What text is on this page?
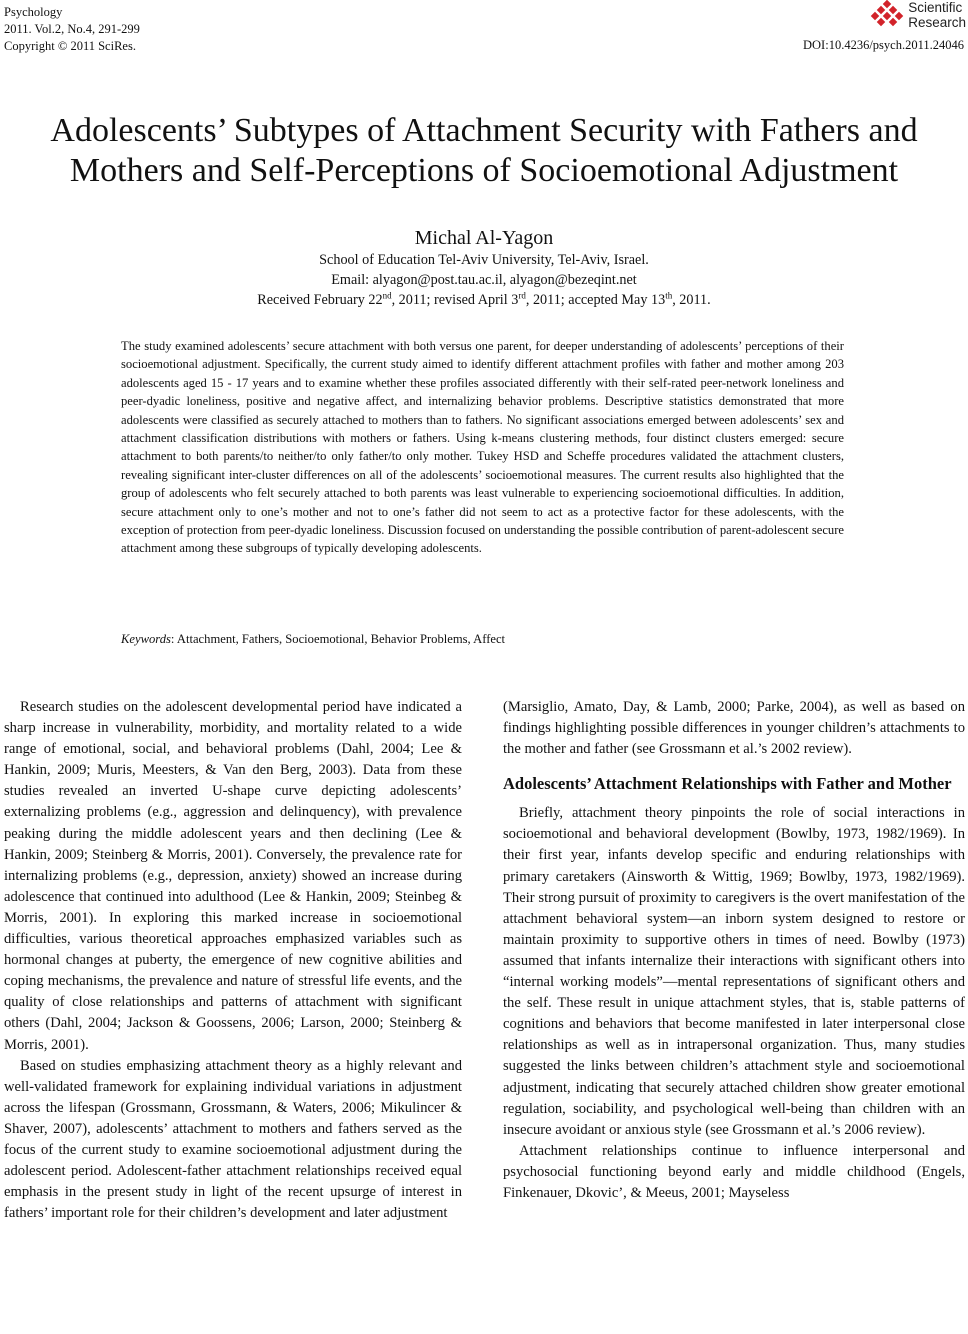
Psychology
2011. Vol.2, No.4, 291-299
Copyright © 2011 SciRes.
Scientific
Research
DOI:10.4236/psych.2011.24046
Adolescents’ Subtypes of Attachment Security with Fathers and
Mothers and Self-Perceptions of Socioemotional Adjustment
Michal Al-Yagon
School of Education Tel-Aviv University, Tel-Aviv, Israel.
Email: alyagon@post.tau.ac.il, alyagon@bezeqint.net
Received February 22nd, 2011; revised April 3rd, 2011; accepted May 13th, 2011.

The study examined adolescents’ secure attachment with both versus one parent, for deeper understanding of adolescents’ perceptions of their socioemotional adjustment. Specifically, the current study aimed to identify different attachment profiles with father and mother among 203 adolescents aged 15 - 17 years and to examine whether these profiles associated differently with their self-rated peer-network loneliness and peer-dyadic loneliness, positive and negative affect, and internalizing behavior problems. Descriptive statistics demonstrated that more adolescents were classified as securely attached to mothers than to fathers. No significant associations emerged between adolescents’ sex and attachment classification distributions with mothers or fathers. Using k-means clustering methods, four distinct clusters emerged: secure attachment to both parents/to neither/to only father/to only mother. Tukey HSD and Scheffe procedures validated the attachment clusters, revealing significant inter-cluster differences on all of the adolescents’ socioemotional measures. The current results also highlighted that the group of adolescents who felt securely attached to both parents was least vulnerable to experiencing socioemotional difficulties. In addition, secure attachment only to one’s mother and not to one’s father did not seem to act as a protective factor for these adolescents, with the exception of protection from peer-dyadic loneliness. Discussion focused on understanding the possible contribution of parent-adolescent secure attachment among these subgroups of typically developing adolescents.

Keywords: Attachment, Fathers, Socioemotional, Behavior Problems, Affect

Research studies on the adolescent developmental period have indicated a sharp increase in vulnerability, morbidity, and mortality related to a wide range of emotional, social, and behavioral problems (Dahl, 2004; Lee & Hankin, 2009; Muris, Meesters, & Van den Berg, 2003). Data from these studies revealed an inverted U-shape curve depicting adolescents’ externalizing problems (e.g., aggression and delinquency), with prevalence peaking during the middle adolescent years and then declining (Lee & Hankin, 2009; Steinberg & Morris, 2001). Conversely, the prevalence rate for internalizing problems (e.g., depression, anxiety) showed an increase during adolescence that continued into adulthood (Lee & Hankin, 2009; Steinbeg & Morris, 2001). In exploring this marked increase in socioemotional difficulties, various theoretical approaches emphasized variables such as hormonal changes at puberty, the emergence of new cognitive abilities and coping mechanisms, the prevalence and nature of stressful life events, and the quality of close relationships and patterns of attachment with significant others (Dahl, 2004; Jackson & Goossens, 2006; Larson, 2000; Steinberg & Morris, 2001).

Based on studies emphasizing attachment theory as a highly relevant and well-validated framework for explaining individual variations in adjustment across the lifespan (Grossmann, Grossmann, & Waters, 2006; Mikulincer & Shaver, 2007), adolescents’ attachment to mothers and fathers served as the focus of the current study to examine socioemotional adjustment during the adolescent period. Adolescent-father attachment relationships received equal emphasis in the present study in light of the recent upsurge of interest in fathers’ important role for their children’s development and later adjustment

(Marsiglio, Amato, Day, & Lamb, 2000; Parke, 2004), as well as based on findings highlighting possible differences in younger children’s attachments to the mother and father (see Grossmann et al.’s 2002 review).

Adolescents’ Attachment Relationships with Father and Mother

Briefly, attachment theory pinpoints the role of social interactions in socioemotional and behavioral development (Bowlby, 1973, 1982/1969). In their first year, infants develop specific and enduring relationships with primary caretakers (Ainsworth & Wittig, 1969; Bowlby, 1973, 1982/1969). Their strong pursuit of proximity to caregivers is the overt manifestation of the attachment behavioral system—an inborn system designed to restore or maintain proximity to supportive others in times of need. Bowlby (1973) assumed that infants internalize their interactions with significant others into “internal working models”—mental representations of significant others and the self. These result in unique attachment styles, that is, stable patterns of cognitions and behaviors that become manifested in later interpersonal close relationships as well as in intrapersonal organization. Thus, many studies suggested the links between children’s attachment style and socioemotional adjustment, indicating that securely attached children show greater emotional regulation, sociability, and psychological well-being than children with an insecure avoidant or anxious style (see Grossmann et al.’s 2006 review).

Attachment relationships continue to influence interpersonal and psychosocial functioning beyond early and middle childhood (Engels, Finkenauer, Dkovic’, & Meeus, 2001; Mayseless
